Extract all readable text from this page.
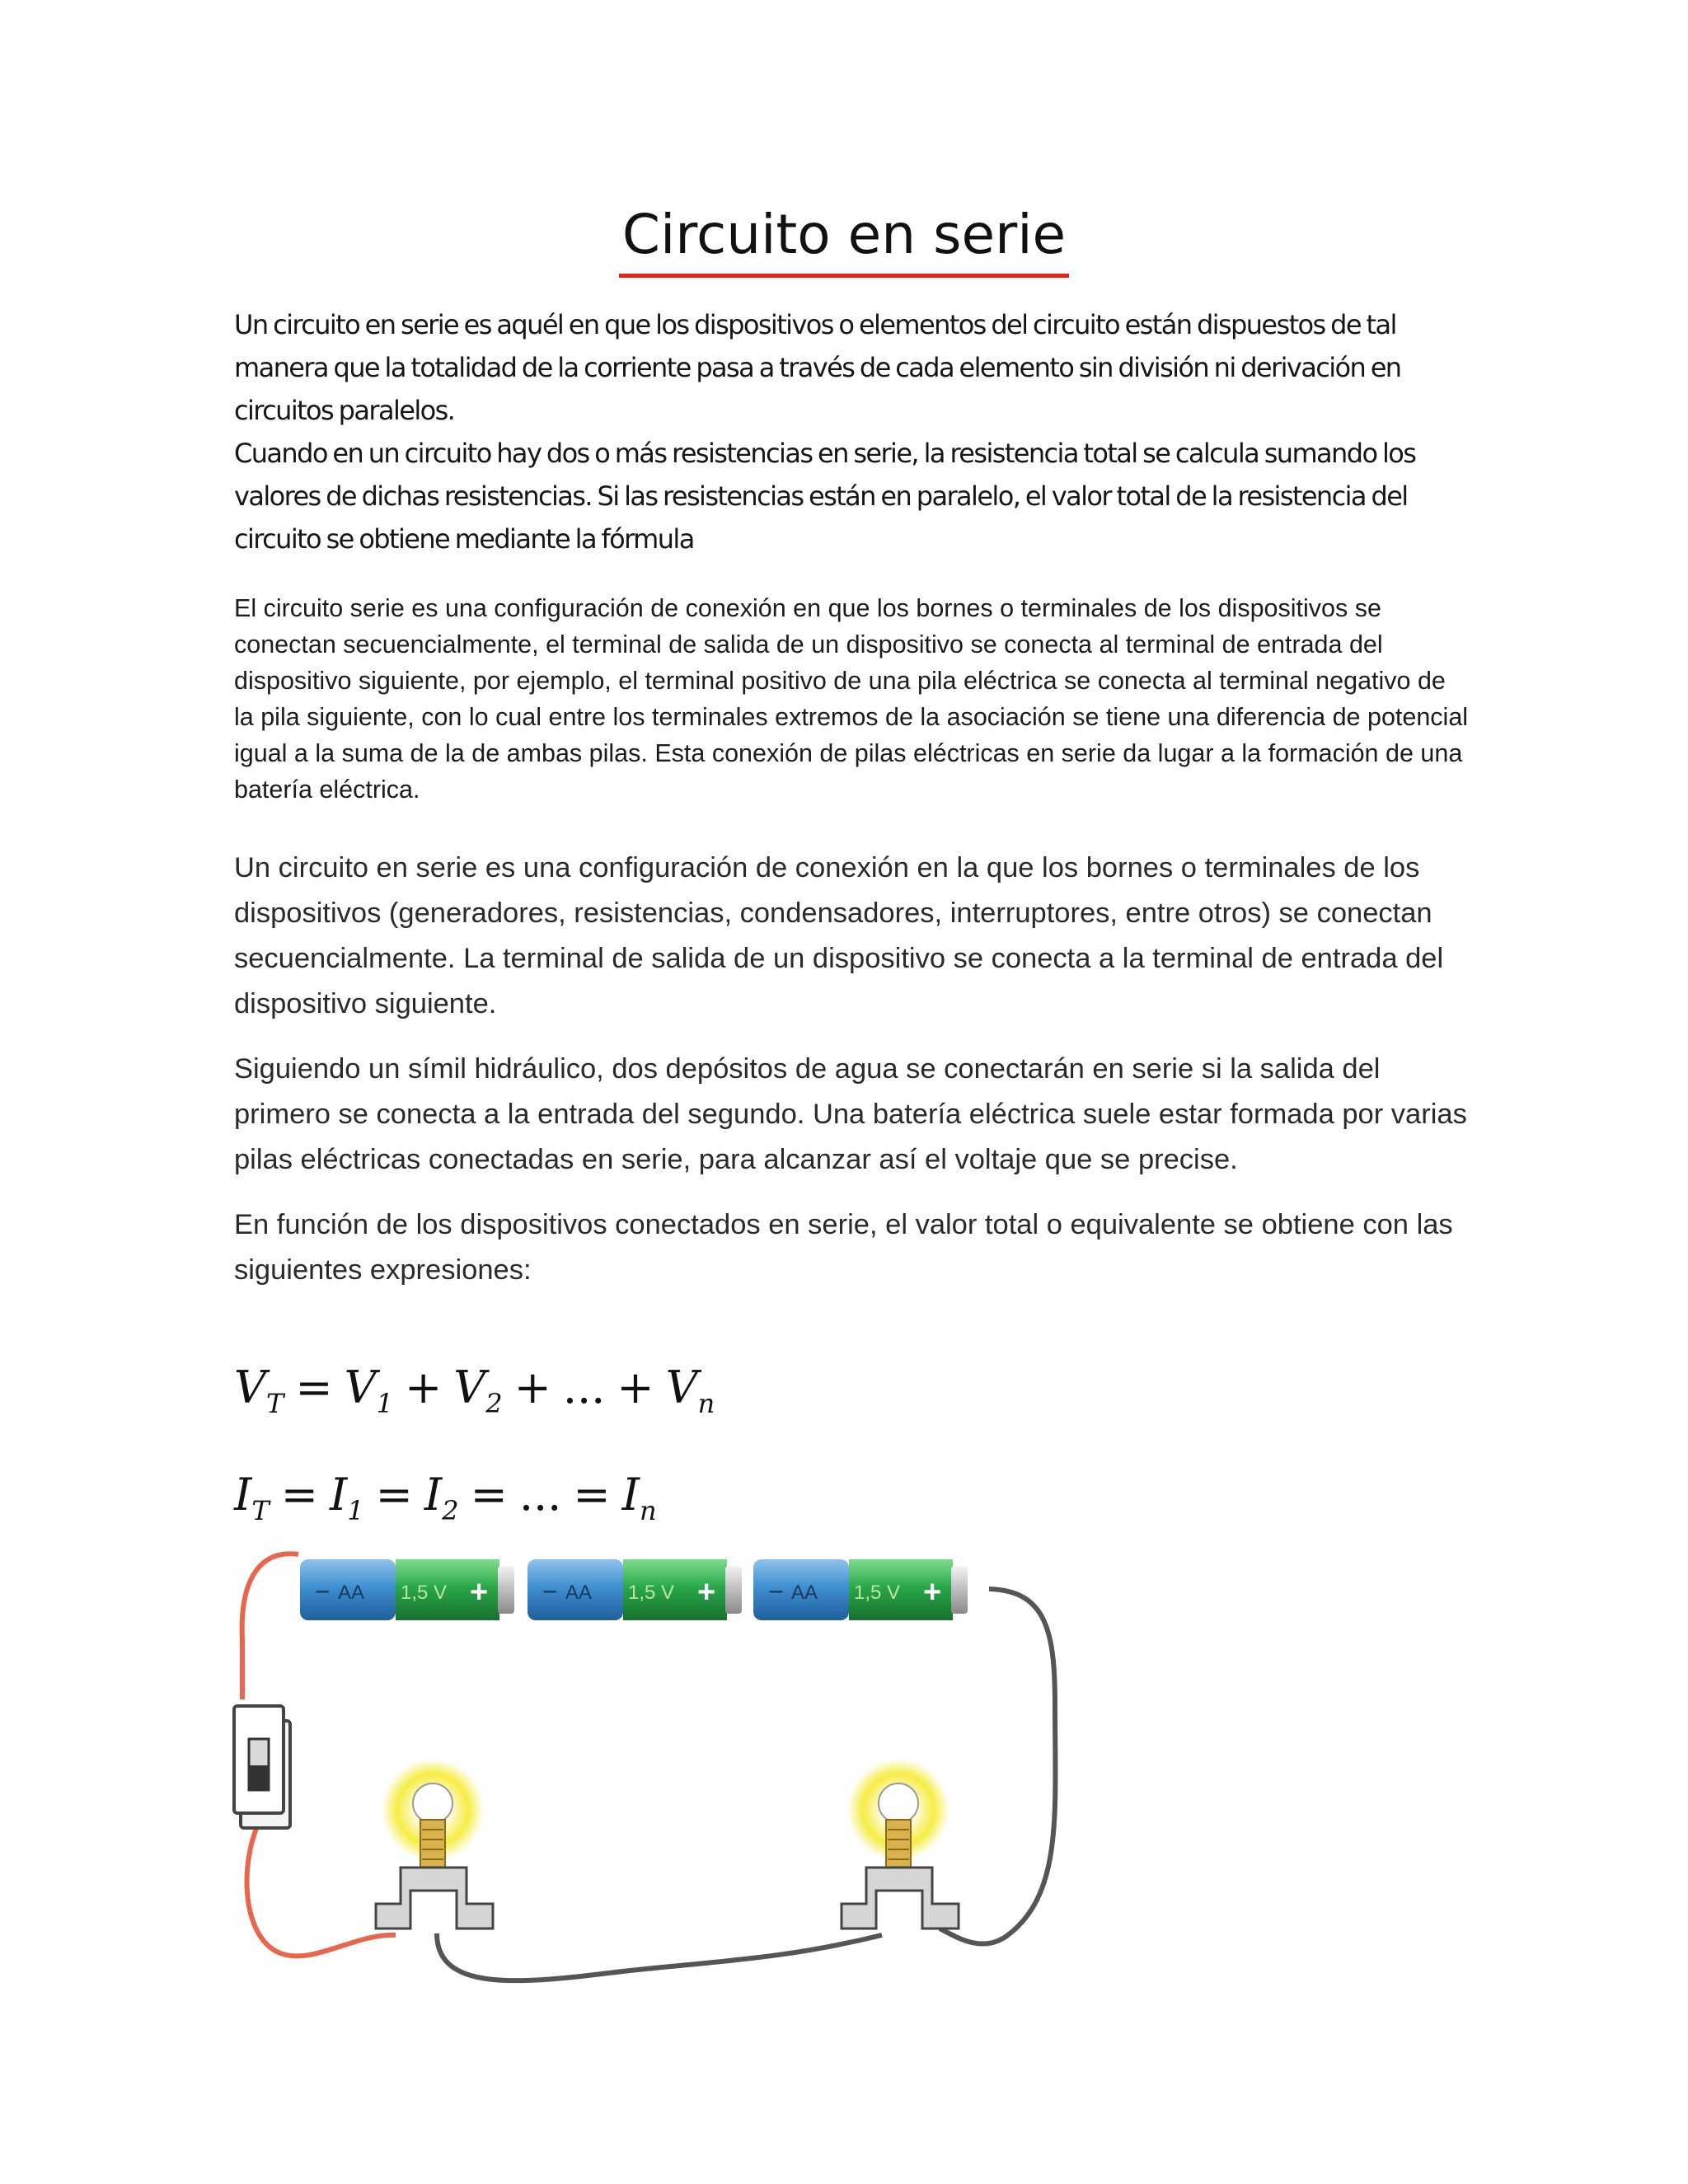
Circuito en serie
Un circuito en serie es aquél en que los dispositivos o elementos del circuito están dispuestos de tal manera que la totalidad de la corriente pasa a través de cada elemento sin división ni derivación en circuitos paralelos.
Cuando en un circuito hay dos o más resistencias en serie, la resistencia total se calcula sumando los valores de dichas resistencias. Si las resistencias están en paralelo, el valor total de la resistencia del circuito se obtiene mediante la fórmula
El circuito serie es una configuración de conexión en que los bornes o terminales de los dispositivos se conectan secuencialmente, el terminal de salida de un dispositivo se conecta al terminal de entrada del dispositivo siguiente, por ejemplo, el terminal positivo de una pila eléctrica se conecta al terminal negativo de la pila siguiente, con lo cual entre los terminales extremos de la asociación se tiene una diferencia de potencial igual a la suma de la de ambas pilas. Esta conexión de pilas eléctricas en serie da lugar a la formación de una batería eléctrica.

Un circuito en serie es una configuración de conexión en la que los bornes o terminales de los dispositivos (generadores, resistencias, condensadores, interruptores, entre otros) se conectan secuencialmente. La terminal de salida de un dispositivo se conecta a la terminal de entrada del dispositivo siguiente.

Siguiendo un símil hidráulico, dos depósitos de agua se conectarán en serie si la salida del primero se conecta a la entrada del segundo. Una batería eléctrica suele estar formada por varias pilas eléctricas conectadas en serie, para alcanzar así el voltaje que se precise.

En función de los dispositivos conectados en serie, el valor total o equivalente se obtiene con las siguientes expresiones:

$V_T = V_1 + V_2$ + ... + $V_n$
$I_T = I_1 = I_2$ = ... = $I_n$
− AA 1,5 V + − AA 1,5 V + − AA 1,5 V +
